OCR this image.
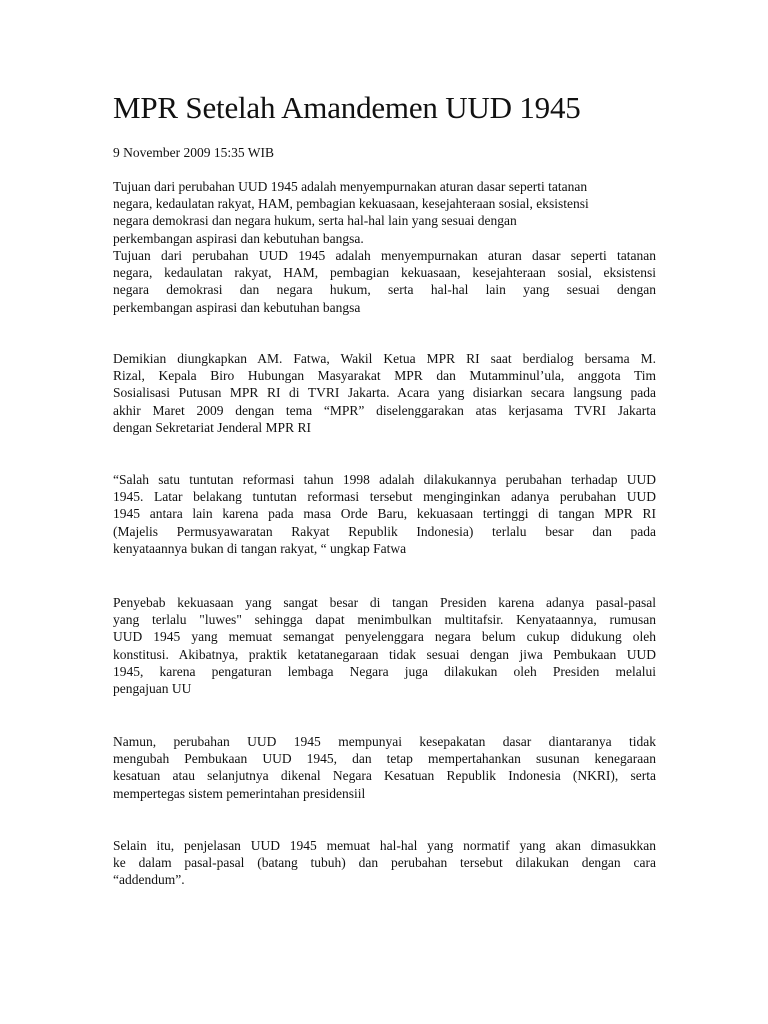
MPR Setelah Amandemen UUD 1945
9 November 2009 15:35 WIB

Tujuan dari perubahan UUD 1945 adalah menyempurnakan aturan dasar seperti tatanan
negara, kedaulatan rakyat, HAM, pembagian kekuasaan, kesejahteraan sosial, eksistensi
negara demokrasi dan negara hukum, serta hal-hal lain yang sesuai dengan
perkembangan aspirasi dan kebutuhan bangsa.

Tujuan dari perubahan UUD 1945 adalah menyempurnakan aturan dasar seperti tatanan
negara, kedaulatan rakyat, HAM, pembagian kekuasaan, kesejahteraan sosial, eksistensi
negara demokrasi dan negara hukum, serta hal-hal lain yang sesuai dengan
perkembangan aspirasi dan kebutuhan bangsa

Demikian diungkapkan AM. Fatwa, Wakil Ketua MPR RI saat berdialog bersama M.
Rizal, Kepala Biro Hubungan Masyarakat MPR dan Mutamminul’ula, anggota Tim
Sosialisasi Putusan MPR RI di TVRI Jakarta. Acara yang disiarkan secara langsung pada
akhir Maret 2009 dengan tema “MPR” diselenggarakan atas kerjasama TVRI Jakarta
dengan Sekretariat Jenderal MPR RI

“Salah satu tuntutan reformasi tahun 1998 adalah dilakukannya perubahan terhadap UUD
1945. Latar belakang tuntutan reformasi tersebut menginginkan adanya perubahan UUD
1945 antara lain karena pada masa Orde Baru, kekuasaan tertinggi di tangan MPR RI
(Majelis Permusyawaratan Rakyat Republik Indonesia) terlalu besar dan pada
kenyataannya bukan di tangan rakyat, “ ungkap Fatwa

Penyebab kekuasaan yang sangat besar di tangan Presiden karena adanya pasal-pasal
yang terlalu "luwes" sehingga dapat menimbulkan multitafsir. Kenyataannya, rumusan
UUD 1945 yang memuat semangat penyelenggara negara belum cukup didukung oleh
konstitusi. Akibatnya, praktik ketatanegaraan tidak sesuai dengan jiwa Pembukaan UUD
1945, karena pengaturan lembaga Negara juga dilakukan oleh Presiden melalui
pengajuan UU

Namun, perubahan UUD 1945 mempunyai kesepakatan dasar diantaranya tidak
mengubah Pembukaan UUD 1945, dan tetap mempertahankan susunan kenegaraan
kesatuan atau selanjutnya dikenal Negara Kesatuan Republik Indonesia (NKRI), serta
mempertegas sistem pemerintahan presidensiil

Selain itu, penjelasan UUD 1945 memuat hal-hal yang normatif yang akan dimasukkan
ke dalam pasal-pasal (batang tubuh) dan perubahan tersebut dilakukan dengan cara
“addendum”.
